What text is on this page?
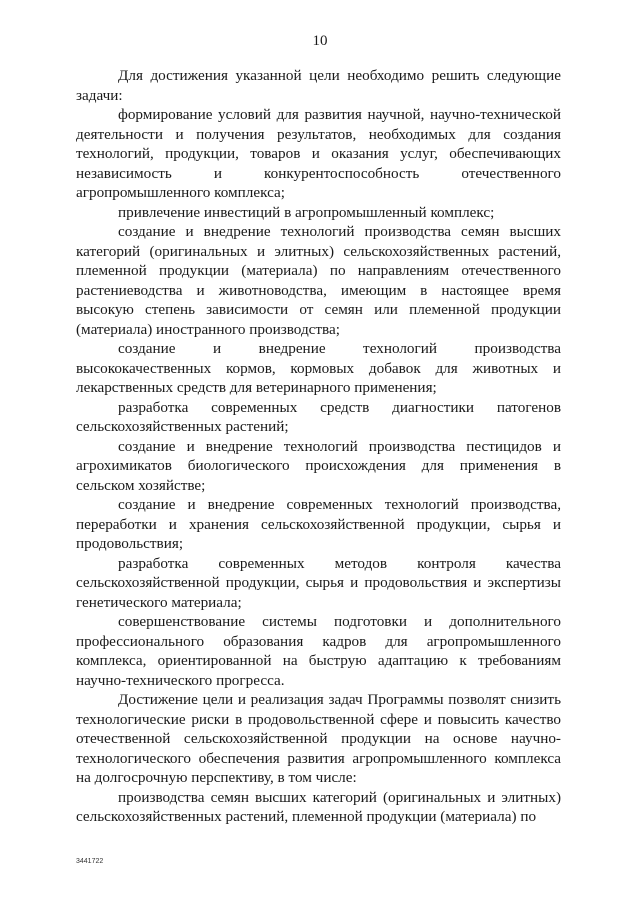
10

Для достижения указанной цели необходимо решить следующие задачи:

формирование условий для развития научной, научно-технической деятельности и получения результатов, необходимых для создания технологий, продукции, товаров и оказания услуг, обеспечивающих независимость и конкурентоспособность отечественного агропромышленного комплекса;

привлечение инвестиций в агропромышленный комплекс;

создание и внедрение технологий производства семян высших категорий (оригинальных и элитных) сельскохозяйственных растений, племенной продукции (материала) по направлениям отечественного растениеводства и животноводства, имеющим в настоящее время высокую степень зависимости от семян или племенной продукции (материала) иностранного производства;

создание и внедрение технологий производства высококачественных кормов, кормовых добавок для животных и лекарственных средств для ветеринарного применения;

разработка современных средств диагностики патогенов сельскохозяйственных растений;

создание и внедрение технологий производства пестицидов и агрохимикатов биологического происхождения для применения в сельском хозяйстве;

создание и внедрение современных технологий производства, переработки и хранения сельскохозяйственной продукции, сырья и продовольствия;

разработка современных методов контроля качества сельскохозяйственной продукции, сырья и продовольствия и экспертизы генетического материала;

совершенствование системы подготовки и дополнительного профессионального образования кадров для агропромышленного комплекса, ориентированной на быструю адаптацию к требованиям научно-технического прогресса.

Достижение цели и реализация задач Программы позволят снизить технологические риски в продовольственной сфере и повысить качество отечественной сельскохозяйственной продукции на основе научно-технологического обеспечения развития агропромышленного комплекса на долгосрочную перспективу, в том числе:

производства семян высших категорий (оригинальных и элитных) сельскохозяйственных растений, племенной продукции (материала) по

3441722
